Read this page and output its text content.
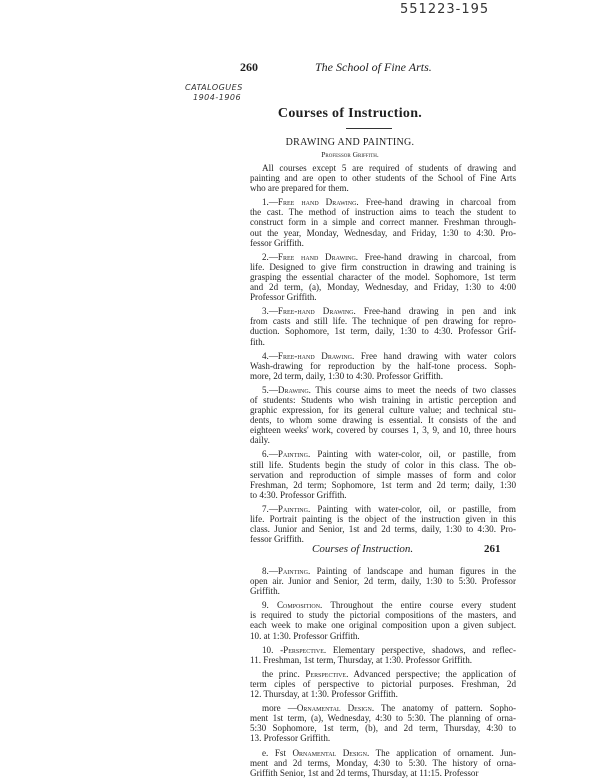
551223-195
260	The School of Fine Arts.
CATALOGUES
1904-1906
Courses of Instruction.
DRAWING AND PAINTING.
Professor Griffith.
All courses except 5 are required of students of drawing and
painting and are open to other students of the School of Fine Arts
who are prepared for them.
1.—Free hand Drawing. Free-hand drawing in charcoal from
the cast. The method of instruction aims to teach the student to
construct form in a simple and correct manner. Freshman through-
out the year, Monday, Wednesday, and Friday, 1:30 to 4:30. Pro-
fessor Griffith.
2.—Free hand Drawing. Free-hand drawing in charcoal, from
life. Designed to give firm construction in drawing and training is
grasping the essential character of the model. Sophomore, 1st term
and 2d term, (a), Monday, Wednesday, and Friday, 1:30 to 4:00
Professor Griffith.
3.—Free-hand Drawing. Free-hand drawing in pen and ink
from casts and still life. The technique of pen drawing for repro-
duction. Sophomore, 1st term, daily, 1:30 to 4:30. Professor Grif-
fith.
4.—Free-hand Drawing. Free hand drawing with water colors
Wash-drawing for reproduction by the half-tone process. Soph-
more, 2d term, daily, 1:30 to 4:30. Professor Griffith.
5.—Drawing. This course aims to meet the needs of two classes
of students: Students who wish training in artistic perception and
graphic expression, for its general culture value; and technical stu-
dents, to whom some drawing is essential. It consists of the and
eighteen weeks' work, covered by courses 1, 3, 9, and 10, three hours
daily.
6.—Painting. Painting with water-color, oil, or pastille, from
still life. Students begin the study of color in this class. The ob-
servation and reproduction of simple masses of form and color
Freshman, 2d term; Sophomore, 1st term and 2d term; daily, 1:30
to 4:30. Professor Griffith.
7.—Painting. Painting with water-color, oil, or pastille, from
life. Portrait painting is the object of the instruction given in this
class. Junior and Senior, 1st and 2d terms, daily, 1:30 to 4:30. Pro-
fessor Griffith.
Courses of Instruction.	261
8.—Painting. Painting of landscape and human figures in the
open air. Junior and Senior, 2d term, daily, 1:30 to 5:30. Professor
Griffith.
9. Composition. Throughout the entire course every student
is required to study the pictorial compositions of the masters, and
each week to make one original composition upon a given subject.
10. at 1:30. Professor Griffith.
10. -Perspective. Elementary perspective, shadows, and reflec-
11. Freshman, 1st term, Thursday, at 1:30. Professor Griffith.
the princ. Perspective. Advanced perspective; the application of
term ciples of perspective to pictorial purposes. Freshman, 2d
12. Thursday, at 1:30. Professor Griffith.
more —Ornamental Design. The anatomy of pattern. Sopho-
ment 1st term, (a), Wednesday, 4:30 to 5:30. The planning of orna-
5:30 Sophomore, 1st term, (b), and 2d term, Thursday, 4:30 to
13. Professor Griffith.
e. Fst Ornamental Design. The application of ornament. Jun-
ment and 2d terms, Monday, 4:30 to 5:30. The history of orna-
Griffith Senior, 1st and 2d terms, Thursday, at 11:15. Professor
